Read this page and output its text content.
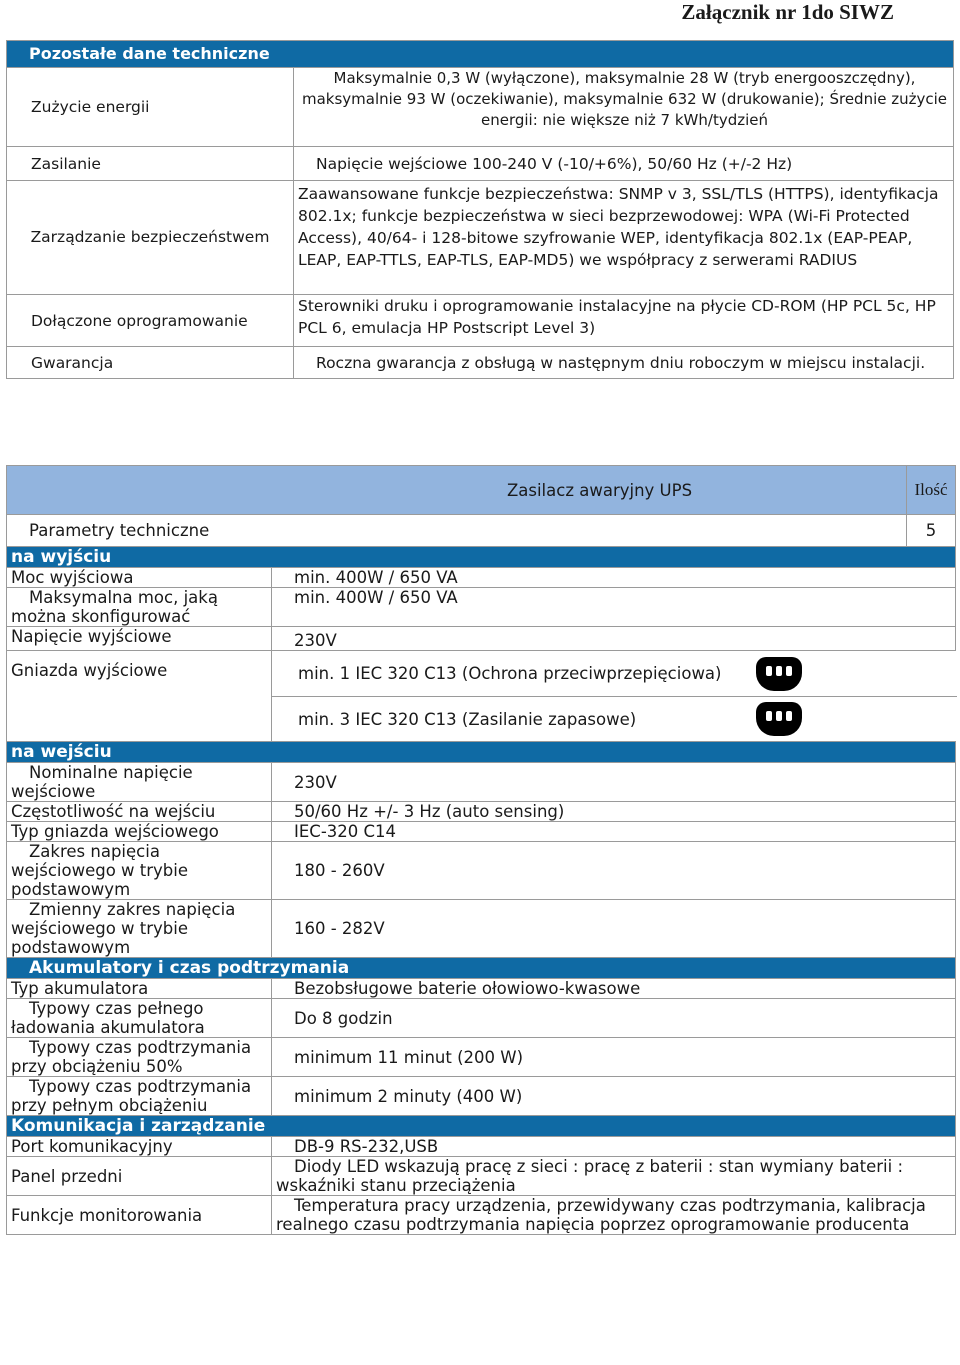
Załącznik nr 1do SIWZ
Pozostałe dane techniczne	
Zużycie energii	Maksymalnie 0,3 W (wyłączone), maksymalnie 28 W (tryb energooszczędny), maksymalnie 93 W (oczekiwanie), maksymalnie 632 W (drukowanie); Średnie zużycie energii: nie większe niż 7 kWh/tydzień
Zasilanie	Napięcie wejściowe 100-240 V (-10/+6%), 50/60 Hz (+/-2 Hz)
Zarządzanie bezpieczeństwem	Zaawansowane funkcje bezpieczeństwa: SNMP v 3, SSL/TLS (HTTPS), identyfikacja 802.1x; funkcje bezpieczeństwa w sieci bezprzewodowej: WPA (Wi-Fi Protected Access), 40/64- i 128-bitowe szyfrowanie WEP, identyfikacja 802.1x (EAP-PEAP, LEAP, EAP-TTLS, EAP-TLS, EAP-MD5) we współpracy z serwerami RADIUS
Dołączone oprogramowanie	Sterowniki druku i oprogramowanie instalacyjne na płycie CD-ROM (HP PCL 5c, HP PCL 6, emulacja HP Postscript Level 3)
Gwarancja	Roczna gwarancja z obsługą w następnym dniu roboczym w miejscu instalacji.
Zasilacz awaryjny UPS		Ilość
Parametry techniczne		5
na wyjściu		
Moc wyjściowa	min. 400W / 650 VA	
Maksymalna moc, jaką można skonfigurować	min. 400W / 650 VA	
Napięcie wyjściowe	230V	
Gniazda wyjściowe	min. 1 IEC 320 C13 (Ochrona przeciwprzepięciowa)
min. 3 IEC 320 C13 (Zasilanie zapasowe)	

na wejściu		
Nominalne napięcie wejściowe	230V	
Częstotliwość na wejściu	50/60 Hz +/- 3 Hz (auto sensing)	
Typ gniazda wejściowego	IEC-320 C14	
Zakres napięcia wejściowego w trybie podstawowym	180 - 260V	
Zmienny zakres napięcia wejściowego w trybie podstawowym	160 - 282V	
Akumulatory i czas podtrzymania		
Typ akumulatora	Bezobsługowe baterie ołowiowo-kwasowe	
Typowy czas pełnego ładowania akumulatora	Do 8 godzin	
Typowy czas podtrzymania przy obciążeniu 50%	minimum 11 minut (200 W)	
Typowy czas podtrzymania przy pełnym obciążeniu	minimum 2 minuty (400 W)	
Komunikacja i zarządzanie		
Port komunikacyjny	DB-9 RS-232,USB	
Panel przedni	Diody LED wskazują pracę z sieci : pracę z baterii : stan wymiany baterii : wskaźniki stanu przeciążenia	
Funkcje monitorowania	Temperatura pracy urządzenia, przewidywany czas podtrzymania, kalibracja realnego czasu podtrzymania napięcia poprzez oprogramowanie producenta	
